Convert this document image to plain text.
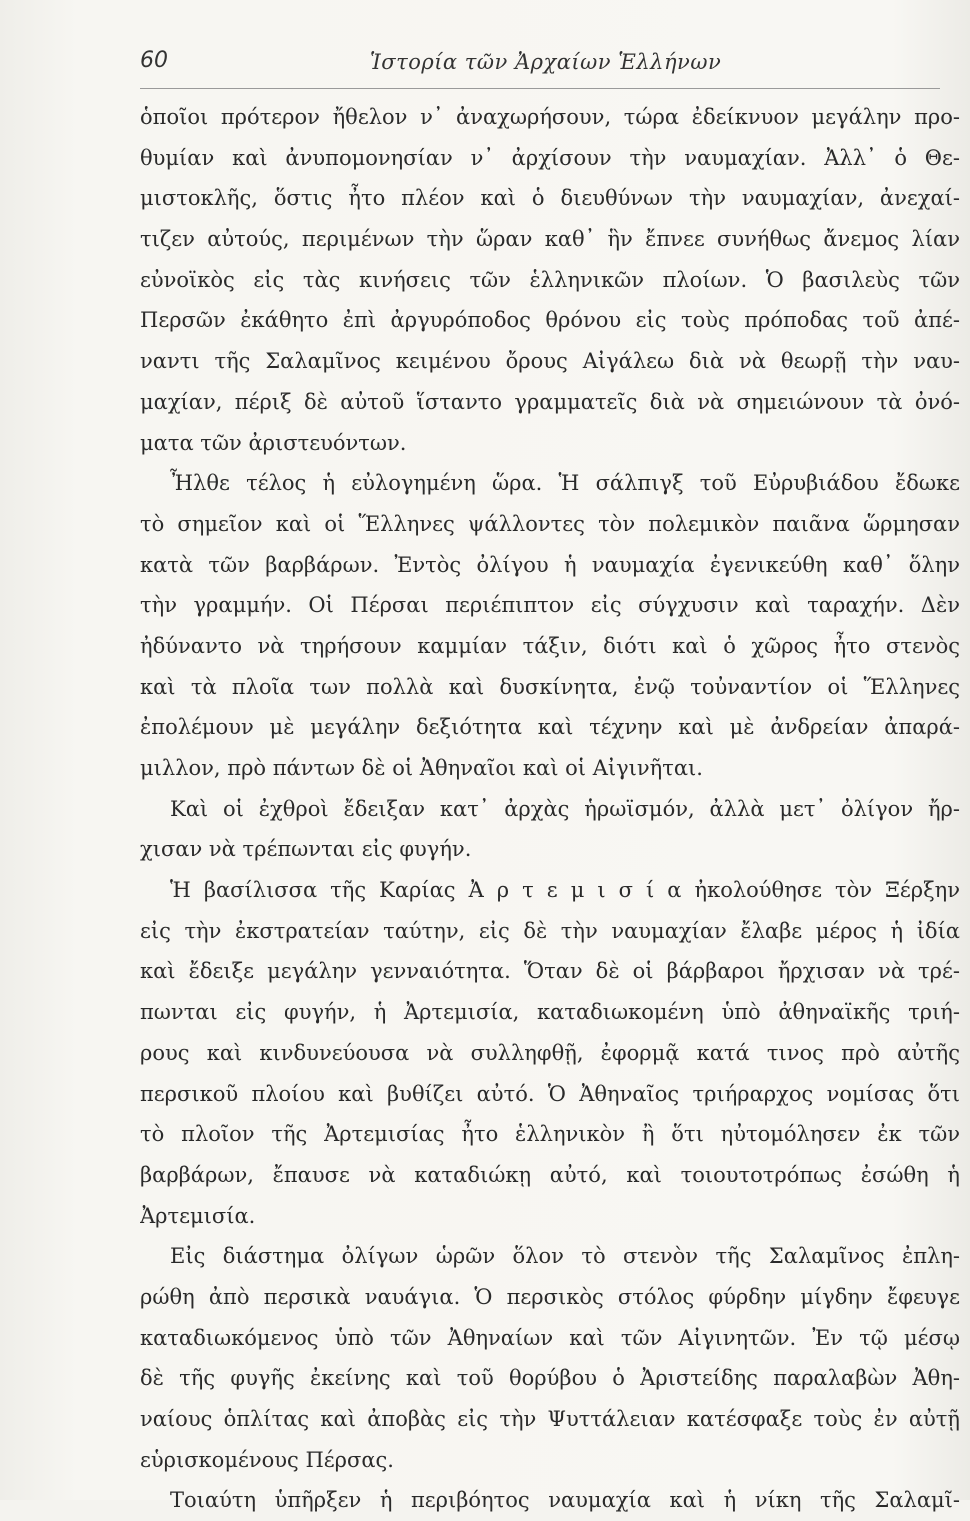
60	Ἱστορία τῶν Ἀρχαίων Ἑλλήνων
ὁποῖοι πρότερον ἤθελον ν᾽ ἀναχωρήσουν, τώρα ἐδείκνυον μεγάλην προ-
θυμίαν καὶ ἀνυπομονησίαν ν᾽ ἀρχίσουν τὴν ναυμαχίαν. Ἀλλ᾽ ὁ Θε-
μιστοκλῆς, ὅστις ἦτο πλέον καὶ ὁ διευθύνων τὴν ναυμαχίαν, ἀνεχαί-
τιζεν αὐτούς, περιμένων τὴν ὥραν καθ᾽ ἣν ἔπνεε συνήθως ἄνεμος λίαν
εὐνοϊκὸς εἰς τὰς κινήσεις τῶν ἑλληνικῶν πλοίων. Ὁ βασιλεὺς τῶν
Περσῶν ἐκάθητο ἐπὶ ἀργυρόποδος θρόνου εἰς τοὺς πρόποδας τοῦ ἀπέ-
ναντι τῆς Σαλαμῖνος κειμένου ὄρους Αἰγάλεω διὰ νὰ θεωρῇ τὴν ναυ-
μαχίαν, πέριξ δὲ αὐτοῦ ἵσταντο γραμματεῖς διὰ νὰ σημειώνουν τὰ ὀνό-
ματα τῶν ἀριστευόντων.
Ἦλθε τέλος ἡ εὐλογημένη ὥρα. Ἡ σάλπιγξ τοῦ Εὐρυβιάδου ἔδωκε
τὸ σημεῖον καὶ οἱ Ἕλληνες ψάλλοντες τὸν πολεμικὸν παιᾶνα ὥρμησαν
κατὰ τῶν βαρβάρων. Ἐντὸς ὀλίγου ἡ ναυμαχία ἐγενικεύθη καθ᾽ ὅλην
τὴν γραμμήν. Οἱ Πέρσαι περιέπιπτον εἰς σύγχυσιν καὶ ταραχήν. Δὲν
ἠδύναντο νὰ τηρήσουν καμμίαν τάξιν, διότι καὶ ὁ χῶρος ἦτο στενὸς
καὶ τὰ πλοῖα των πολλὰ καὶ δυσκίνητα, ἐνῷ τοὐναντίον οἱ Ἕλληνες
ἐπολέμουν μὲ μεγάλην δεξιότητα καὶ τέχνην καὶ μὲ ἀνδρείαν ἀπαρά-
μιλλον, πρὸ πάντων δὲ οἱ Ἀθηναῖοι καὶ οἱ Αἰγινῆται.
Καὶ οἱ ἐχθροὶ ἔδειξαν κατ᾽ ἀρχὰς ἡρωϊσμόν, ἀλλὰ μετ᾽ ὀλίγον ἤρ-
χισαν νὰ τρέπωνται εἰς φυγήν.
Ἡ βασίλισσα τῆς Καρίας Ἀ ρ τ ε μ ι σ ί α ἠκολούθησε τὸν Ξέρξην
εἰς τὴν ἐκστρατείαν ταύτην, εἰς δὲ τὴν ναυμαχίαν ἔλαβε μέρος ἡ ἰδία
καὶ ἔδειξε μεγάλην γενναιότητα. Ὅταν δὲ οἱ βάρβαροι ἤρχισαν νὰ τρέ-
πωνται εἰς φυγήν, ἡ Ἀρτεμισία, καταδιωκομένη ὑπὸ ἀθηναϊκῆς τριή-
ρους καὶ κινδυνεύουσα νὰ συλληφθῇ, ἐφορμᾷ κατά τινος πρὸ αὐτῆς
περσικοῦ πλοίου καὶ βυθίζει αὐτό. Ὁ Ἀθηναῖος τριήραρχος νομίσας ὅτι
τὸ πλοῖον τῆς Ἀρτεμισίας ἦτο ἑλληνικὸν ἢ ὅτι ηὐτομόλησεν ἐκ τῶν
βαρβάρων, ἔπαυσε νὰ καταδιώκῃ αὐτό, καὶ τοιουτοτρόπως ἐσώθη ἡ
Ἀρτεμισία.
Εἰς διάστημα ὀλίγων ὡρῶν ὅλον τὸ στενὸν τῆς Σαλαμῖνος ἐπλη-
ρώθη ἀπὸ περσικὰ ναυάγια. Ὁ περσικὸς στόλος φύρδην μίγδην ἔφευγε
καταδιωκόμενος ὑπὸ τῶν Ἀθηναίων καὶ τῶν Αἰγινητῶν. Ἐν τῷ μέσῳ
δὲ τῆς φυγῆς ἐκείνης καὶ τοῦ θορύβου ὁ Ἀριστείδης παραλαβὼν Ἀθη-
ναίους ὁπλίτας καὶ ἀποβὰς εἰς τὴν Ψυττάλειαν κατέσφαξε τοὺς ἐν αὐτῇ
εὑρισκομένους Πέρσας.
Τοιαύτη ὑπῆρξεν ἡ περιβόητος ναυμαχία καὶ ἡ νίκη τῆς Σαλαμῖ-
